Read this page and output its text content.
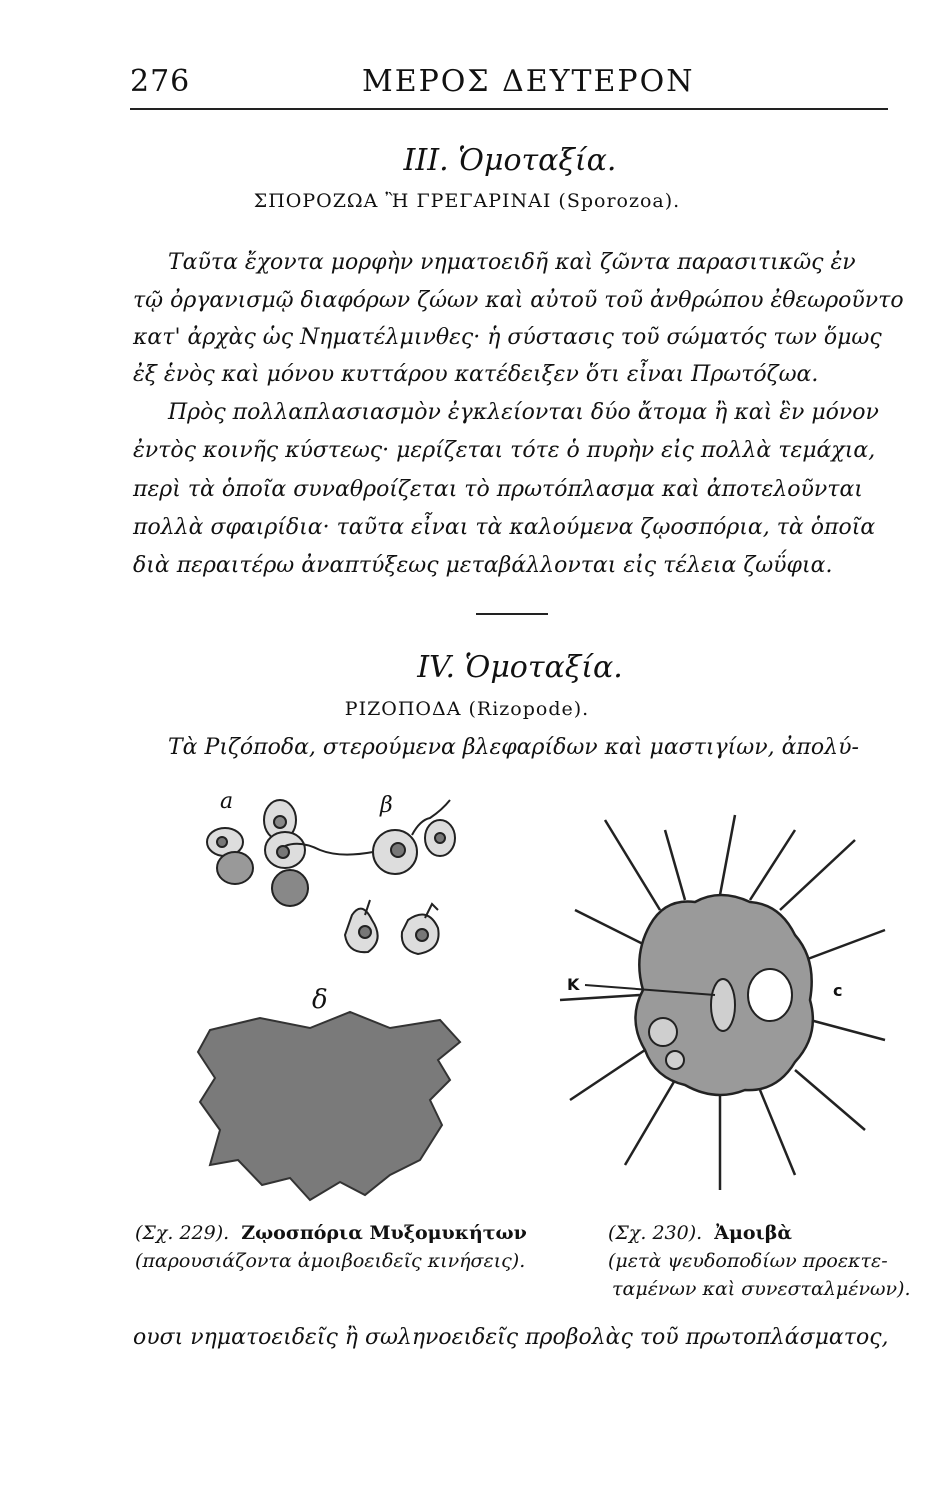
276	ΜΕΡΟΣ ΔΕΥΤΕΡΟΝ
III. Ὁμοταξία.
ΣΠΟΡΟΖΩΑ Ἢ ΓΡΕΓΑΡΙΝΑΙ (Sporozoa).
Ταῦτα ἔχοντα μορφὴν νηματοειδῆ καὶ ζῶντα παρασιτικῶς ἐν
τῷ ὀργανισμῷ διαφόρων ζώων καὶ αὐτοῦ τοῦ ἀνθρώπου ἐθεωροῦντο
κατ' ἀρχὰς ὡς Νηματέλμινθες· ἡ σύστασις τοῦ σώματός των ὅμως
ἐξ ἑνὸς καὶ μόνου κυττάρου κατέδειξεν ὅτι εἶναι Πρωτόζωα.
Πρὸς πολλαπλασιασμὸν ἐγκλείονται δύο ἄτομα ἢ καὶ ἓν μόνον
ἐντὸς κοινῆς κύστεως· μερίζεται τότε ὁ πυρὴν εἰς πολλὰ τεμάχια,
περὶ τὰ ὁποῖα συναθροίζεται τὸ πρωτόπλασμα καὶ ἀποτελοῦνται
πολλὰ σφαιρίδια· ταῦτα εἶναι τὰ καλούμενα ζῳοσπόρια, τὰ ὁποῖα
διὰ περαιτέρω ἀναπτύξεως μεταβάλλονται εἰς τέλεια ζωΰφια.
IV. Ὁμοταξία.
ΡΙΖΟΠΟΔΑ (Rizopode).
Τὰ Ριζόποδα, στερούμενα βλεφαρίδων καὶ μαστιγίων, ἀπολύ-
a	β
δ
K	c
(Σχ. 229). Ζῳοσπόρια Μυξομυκήτων
(παρουσιάζοντα ἀμοιβοειδεῖς κινήσεις).
(Σχ. 230). Ἀμοιβὰ
(μετὰ ψευδοποδίων προεκτε-
ταμένων καὶ συνεσταλμένων).
ουσι νηματοειδεῖς ἢ σωληνοειδεῖς προβολὰς τοῦ πρωτοπλάσματος,
